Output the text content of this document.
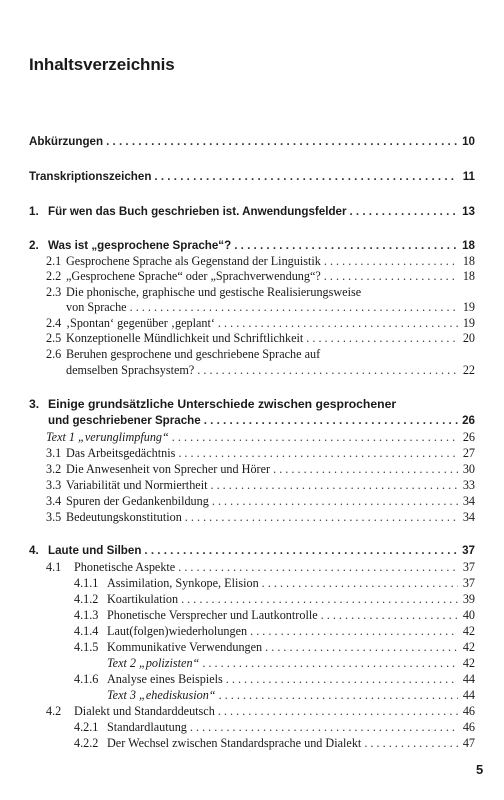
Inhaltsverzeichnis
Abkürzungen . . .	10
Transkriptionszeichen . . .	11
1. Für wen das Buch geschrieben ist. Anwendungsfelder . . .	13
2. Was ist „gesprochene Sprache“? . . .	18
2.1 Gesprochene Sprache als Gegenstand der Linguistik . . .	18
2.2 „Gesprochene Sprache“ oder „Sprachverwendung“? . . .	18
2.3 Die phonische, graphische und gestische Realisierungsweise
von Sprache . . .	19
2.4 ‚Spontan‘ gegenüber ‚geplant‘ . . .	19
2.5 Konzeptionelle Mündlichkeit und Schriftlichkeit . . .	20
2.6 Beruhen gesprochene und geschriebene Sprache auf
demselben Sprachsystem? . . .	22
3. Einige grundsätzliche Unterschiede zwischen gesprochener
und geschriebener Sprache . . .	26
Text 1 „verunglimpfung“ . . .	26
3.1 Das Arbeitsgedächtnis . . .	27
3.2 Die Anwesenheit von Sprecher und Hörer . . .	30
3.3 Variabilität und Normiertheit . . .	33
3.4 Spuren der Gedankenbildung . . .	34
3.5 Bedeutungskonstitution . . .	34
4. Laute und Silben . . .	37
4.1	Phonetische Aspekte . . .	37
4.1.1 Assimilation, Synkope, Elision . . .	37
4.1.2 Koartikulation . . .	39
4.1.3 Phonetische Versprecher und Lautkontrolle . . .	40
4.1.4 Laut(folgen)wiederholungen . . .	42
4.1.5 Kommunikative Verwendungen . . .	42
Text 2 „polizisten“ . . .	42
4.1.6 Analyse eines Beispiels . . .	44
Text 3 „ehediskusion“ . . .	44
4.2	Dialekt und Standarddeutsch . . .	46
4.2.1 Standardlautung . . .	46
4.2.2 Der Wechsel zwischen Standardsprache und Dialekt . . .	47
5
